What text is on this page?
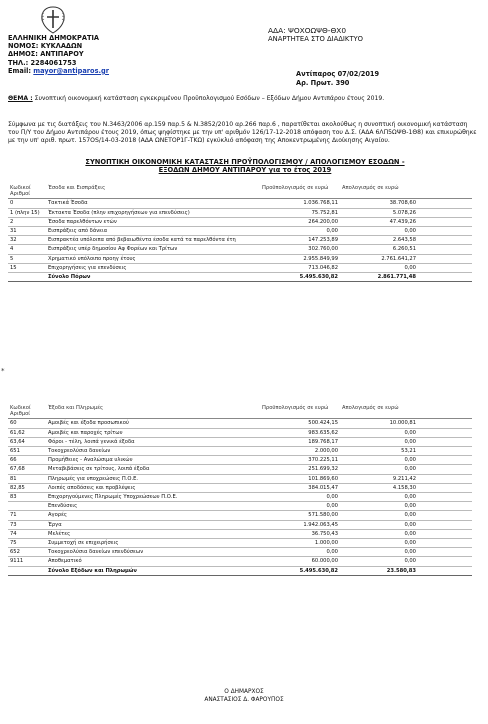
ΕΛΛΗΝΙΚΗ ΔΗΜΟΚΡΑΤΙΑ
ΝΟΜΟΣ: ΚΥΚΛΑΔΩΝ
ΔΗΜΟΣ: ΑΝΤΙΠΑΡΟΥ
ΤΗΛ.: 2284061753
Email: mayor@antiparos.gr
ΑΔΑ: ΨΟΧΟΩΨΘ-ΘΧ0
ΑΝΑΡΤΗΤΕΑ ΣΤΟ ΔΙΑΔΙΚΤΥΟ
Αντίπαρος 07/02/2019
Αρ. Πρωτ. 390
ΘΕΜΑ : Συνοπτική οικονομική κατάσταση εγκεκριμένου Προϋπολογισμού Εσόδων – Εξόδων Δήμου Αντιπάρου έτους 2019.
Σύμφωνα με τις διατάξεις του Ν.3463/2006 αρ.159 παρ.5 & Ν.3852/2010 αρ.266 παρ.6 , παρατίθεται ακολούθως η συνοπτική οικονομική κατάσταση του Π/Υ του Δήμου Αντιπάρου έτους 2019, όπως ψηφίστηκε με την υπ' αριθμόν 126/17-12-2018 απόφαση του Δ.Σ. (ΑΔΑ 6ΛΠ5ΩΨΘ-1Θ8) και επικυρώθηκε με την υπ' αριθ. πρωτ. 157OS/14-03-2018 (ΑΔΑ ΩΝΕΤΟΡ1Γ-ΤΚΩ) εγκύκλιό απόφαση της Αποκεντρωμένης Διοίκησης Αιγαίου.
ΣΥΝΟΠΤΙΚΗ ΟΙΚΟΝΟΜΙΚΗ ΚΑΤΑΣΤΑΣΗ ΠΡΟΫΠΟΛΟΓΙΣΜΟΥ / ΑΠΟΛΟΓΙΣΜΟΥ ΕΣΟΔΩΝ -
ΕΞΟΔΩΝ ΔΗΜΟΥ ΑΝΤΙΠΑΡΟΥ για το έτος 2019
Κωδικοί Αριθμοί	Έσοδα και Εισπράξεις	Προϋπολογισμός σε ευρώ	Απολογισμός σε ευρώ	
0	Τακτικά Έσοδα	1.036.768,11	38.708,60	
1 (πλην 15)	Έκτακτα Έσοδα (πλην επιχορηγήσεων για επενδύσεις)	75.752,81	5.078,26	
2	Έσοδα παρελθόντων ετών	264.200,00	47.439,26	
31	Εισπράξεις από δάνεια	0,00	0,00	
32	Εισπρακτέα υπόλοιπα από βεβαιωθέντα έσοδα κατά τα παρελθόντα έτη	147.253,89	2.643,58	
4	Εισπράξεις υπέρ δημοσίου Αφ Φορέων και Τρίτων	302.760,00	6.260,51	
5	Χρηματικό υπόλοιπο προηγ έτους	2.955.849,99	2.761.641,27	
15	Επιχορηγήσεις για επενδύσεις	713.046,82	0,00	
	Σύνολο Πόρων	5.495.630,82	2.861.771,48	
Κωδικοί Αριθμοί	Έξοδα και Πληρωμές	Προϋπολογισμός σε ευρώ	Απολογισμός σε ευρώ	
60	Αμοιβές και έξοδα προσωπικού	500.424,15	10.000,81	
61,62	Αμοιβές και παροχές τρίτων	983.635,62	0,00	
63,64	Φόροι - τέλη, λοιπά γενικά έξοδα	189.768,17	0,00	
651	Τοκοχρεολύσια δανείων	2.000,00	53,21	
66	Προμήθειες - Αναλώσιμα υλικών	370.225,11	0,00	
67,68	Μεταβιβάσεις σε τρίτους, λοιπά έξοδα	251.699,32	0,00	
81	Πληρωμές για υποχρεώσεις Π.Ο.Ε.	101.869,60	9.211,42	
82,85	Λοιπές αποδόσεις και προβλέψεις	384.015,47	4.158,30	
83	Επιχορηγούμενες Πληρωμές Υποχρεώσεων Π.Ο.Ε.	0,00	0,00	
	Επενδύσεις	0,00	0,00	
71	Αγορές	571.580,00	0,00	
73	Έργα	1.942.063,45	0,00	
74	Μελέτες	36.750,43	0,00	
75	Συμμετοχή σε επιχειρήσεις	1.000,00	0,00	
652	Τοκοχρεολύσια δανείων επενδύσεων	0,00	0,00	
9111	Αποθεματικό	60.000,00	0,00	
	Σύνολο Εξόδων και Πληρωμών	5.495.630,82	23.580,83	
Ο ΔΗΜΑΡΧΟΣ
ΑΝΑΣΤΑΣΙΟΣ Δ. ΦΑΡΟΥΠΟΣ
*
